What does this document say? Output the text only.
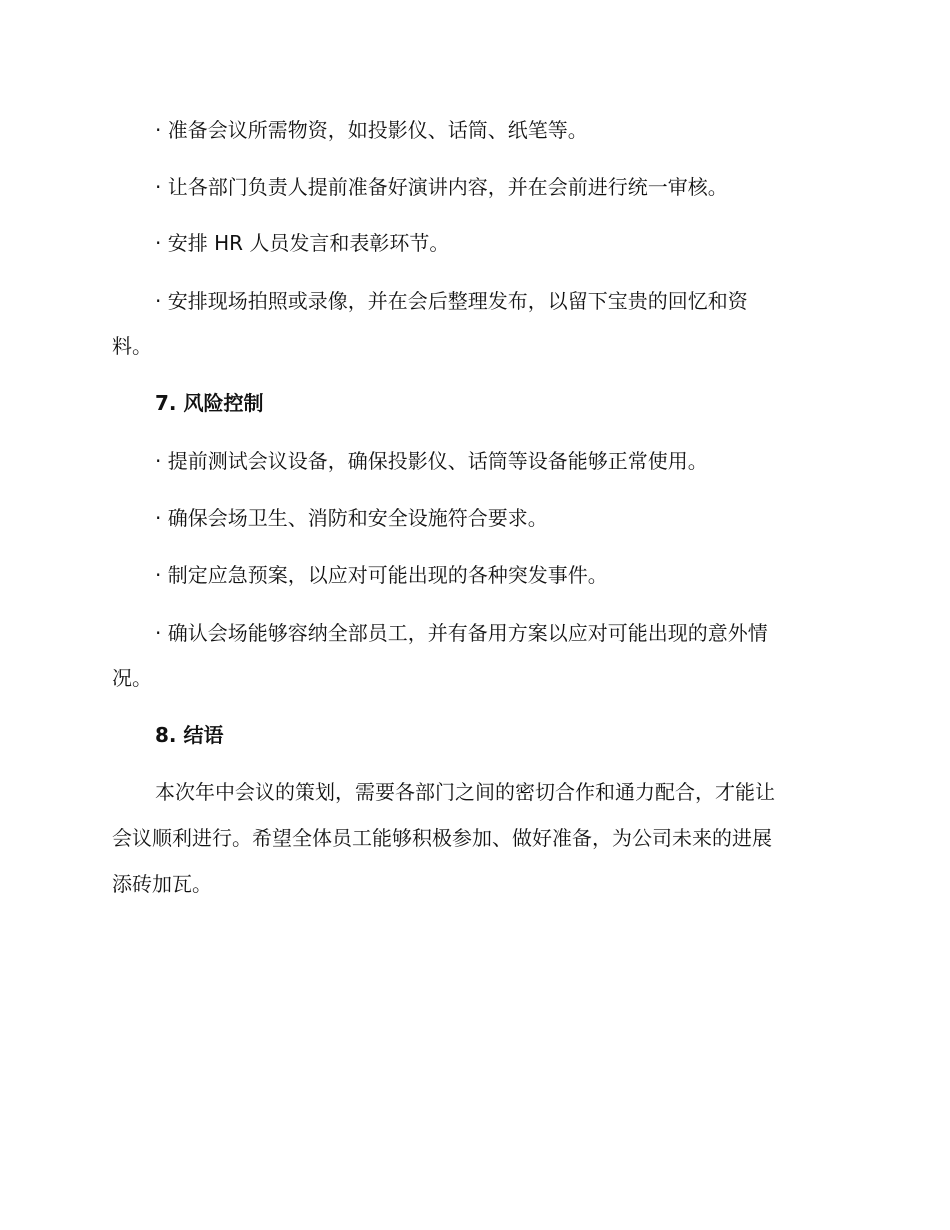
· 准备会议所需物资，如投影仪、话筒、纸笔等。
· 让各部门负责人提前准备好演讲内容，并在会前进行统一审核。
· 安排 HR 人员发言和表彰环节。
· 安排现场拍照或录像，并在会后整理发布，以留下宝贵的回忆和资
料。
7. 风险控制
· 提前测试会议设备，确保投影仪、话筒等设备能够正常使用。
· 确保会场卫生、消防和安全设施符合要求。
· 制定应急预案，以应对可能出现的各种突发事件。
· 确认会场能够容纳全部员工，并有备用方案以应对可能出现的意外情
况。
8. 结语
本次年中会议的策划，需要各部门之间的密切合作和通力配合，才能让
会议顺利进行。希望全体员工能够积极参加、做好准备，为公司未来的进展
添砖加瓦。
